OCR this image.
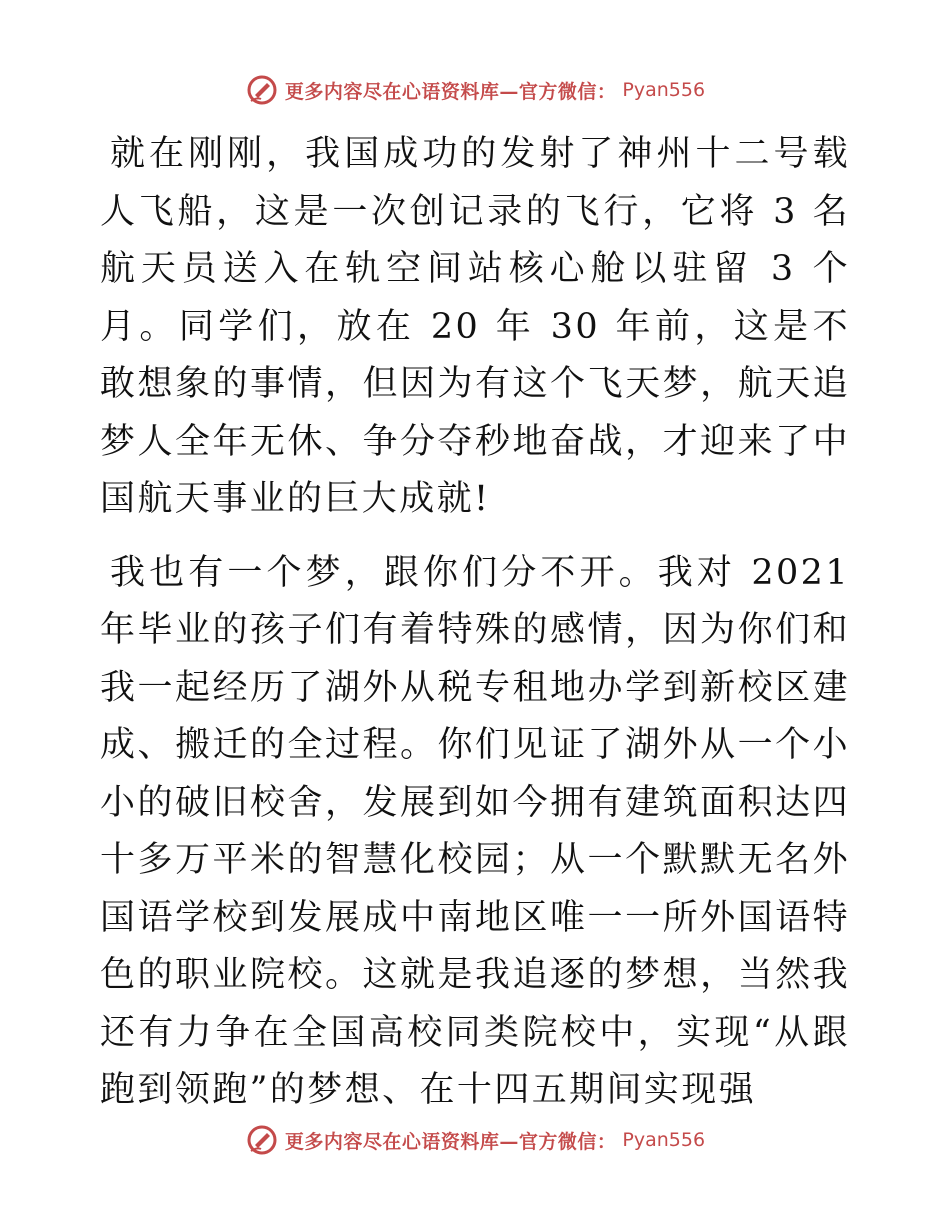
更多内容尽在心语资料库—官方微信： Pyan556

就在刚刚，我国成功的发射了神州十二号载人飞船，这是一次创记录的飞行，它将 3 名航天员送入在轨空间站核心舱以驻留 3 个月。同学们，放在 20 年 30 年前，这是不敢想象的事情，但因为有这个飞天梦，航天追梦人全年无休、争分夺秒地奋战，才迎来了中国航天事业的巨大成就!

我也有一个梦，跟你们分不开。我对 2021 年毕业的孩子们有着特殊的感情，因为你们和我一起经历了湖外从税专租地办学到新校区建成、搬迁的全过程。你们见证了湖外从一个小小的破旧校舍，发展到如今拥有建筑面积达四十多万平米的智慧化校园；从一个默默无名外国语学校到发展成中南地区唯一一所外国语特色的职业院校。这就是我追逐的梦想，当然我还有力争在全国高校同类院校中，实现“从跟跑到领跑”的梦想、在十四五期间实现强

更多内容尽在心语资料库—官方微信： Pyan556
